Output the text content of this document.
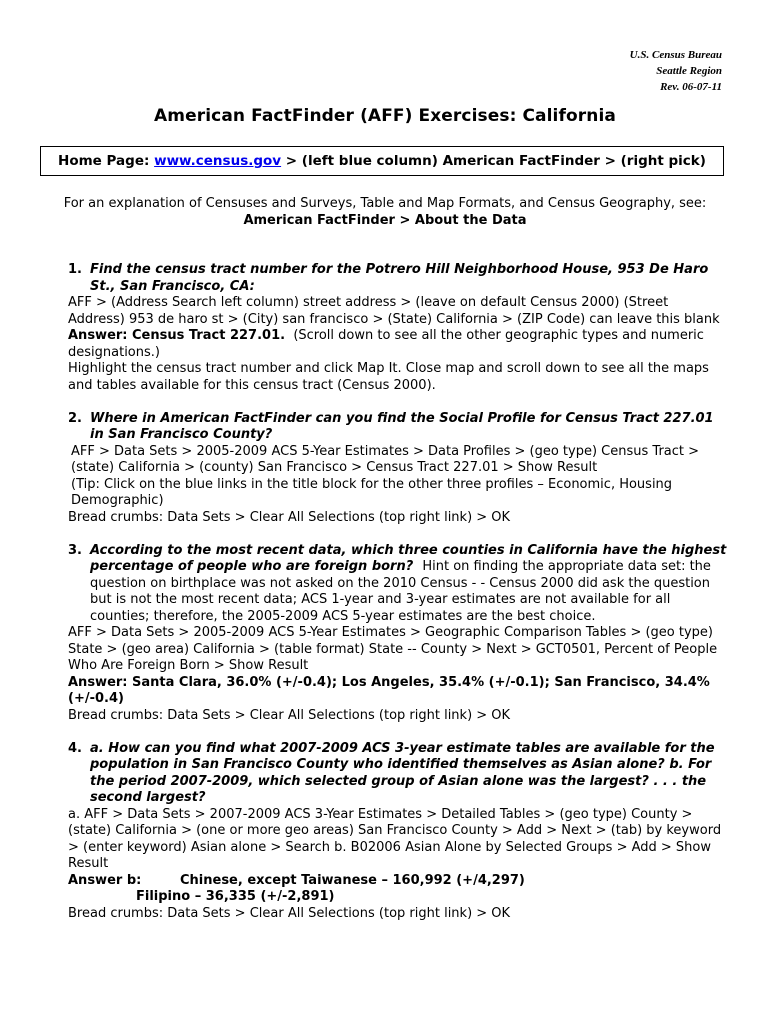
U.S. Census Bureau
Seattle Region
Rev. 06-07-11
American FactFinder (AFF) Exercises: California
Home Page: www.census.gov > (left blue column) American FactFinder > (right pick)
For an explanation of Censuses and Surveys, Table and Map Formats, and Census Geography, see:
American FactFinder > About the Data
1. Find the census tract number for the Potrero Hill Neighborhood House, 953 De Haro St., San Francisco, CA:
AFF > (Address Search left column) street address > (leave on default Census 2000) (Street Address) 953 de haro st > (City) san francisco > (State) California > (ZIP Code) can leave this blank
Answer: Census Tract 227.01. (Scroll down to see all the other geographic types and numeric designations.)
Highlight the census tract number and click Map It. Close map and scroll down to see all the maps and tables available for this census tract (Census 2000).
2. Where in American FactFinder can you find the Social Profile for Census Tract 227.01 in San Francisco County?
AFF > Data Sets > 2005-2009 ACS 5-Year Estimates > Data Profiles > (geo type) Census Tract > (state) California > (county) San Francisco > Census Tract 227.01 > Show Result
(Tip: Click on the blue links in the title block for the other three profiles – Economic, Housing Demographic)
Bread crumbs: Data Sets > Clear All Selections (top right link) > OK
3. According to the most recent data, which three counties in California have the highest percentage of people who are foreign born? Hint on finding the appropriate data set: the question on birthplace was not asked on the 2010 Census - - Census 2000 did ask the question but is not the most recent data; ACS 1-year and 3-year estimates are not available for all counties; therefore, the 2005-2009 ACS 5-year estimates are the best choice.
AFF > Data Sets > 2005-2009 ACS 5-Year Estimates > Geographic Comparison Tables > (geo type) State > (geo area) California > (table format) State -- County > Next > GCT0501, Percent of People Who Are Foreign Born > Show Result
Answer: Santa Clara, 36.0% (+/-0.4); Los Angeles, 35.4% (+/-0.1); San Francisco, 34.4% (+/-0.4)
Bread crumbs: Data Sets > Clear All Selections (top right link) > OK
4. a. How can you find what 2007-2009 ACS 3-year estimate tables are available for the population in San Francisco County who identified themselves as Asian alone? b. For the period 2007-2009, which selected group of Asian alone was the largest? . . . the second largest?
a. AFF > Data Sets > 2007-2009 ACS 3-Year Estimates > Detailed Tables > (geo type) County > (state) California > (one or more geo areas) San Francisco County > Add > Next > (tab) by keyword > (enter keyword) Asian alone > Search b. B02006 Asian Alone by Selected Groups > Add > Show Result
Answer b:	Chinese, except Taiwanese – 160,992 (+/4,297)
Filipino – 36,335 (+/-2,891)
Bread crumbs: Data Sets > Clear All Selections (top right link) > OK
